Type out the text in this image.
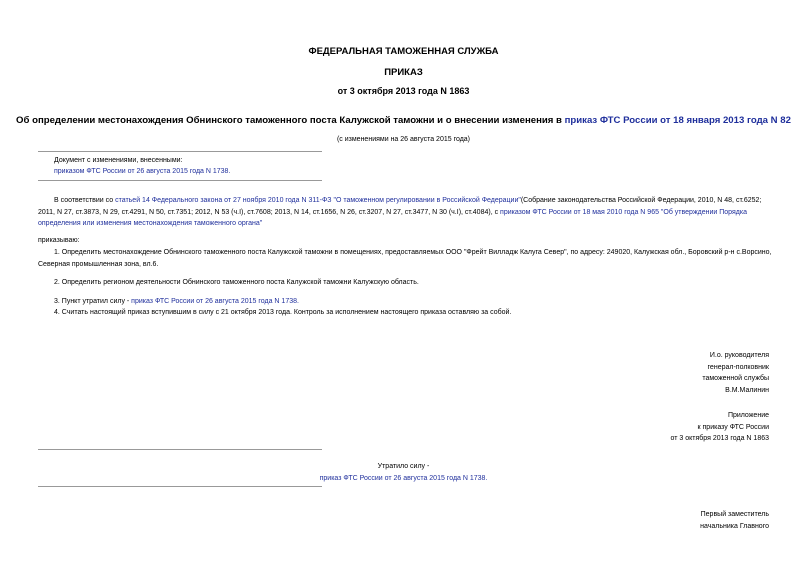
ФЕДЕРАЛЬНАЯ ТАМОЖЕННАЯ СЛУЖБА
ПРИКАЗ
от 3 октября 2013 года N 1863
Об определении местонахождения Обнинского таможенного поста Калужской таможни и о внесении изменения в приказ ФТС России от 18 января 2013 года N 82
(с изменениями на 26 августа 2015 года)
Документ с изменениями, внесенными:
приказом ФТС России от 26 августа 2015 года N 1738.
В соответствии со статьей 14 Федерального закона от 27 ноября 2010 года N 311-ФЗ "О таможенном регулировании в Российской Федерации"(Собрание законодательства Российской Федерации, 2010, N 48, ст.6252; 2011, N 27, ст.3873, N 29, ст.4291, N 50, ст.7351; 2012, N 53 (ч.I), ст.7608; 2013, N 14, ст.1656, N 26, ст.3207, N 27, ст.3477, N 30 (ч.I), ст.4084), с приказом ФТС России от 18 мая 2010 года N 965 "Об утверждении Порядка определения или изменения местонахождения таможенного органа"
приказываю:
1. Определить местонахождение Обнинского таможенного поста Калужской таможни в помещениях, предоставляемых ООО "Фрейт Вилладж Калуга Север", по адресу: 249020, Калужская обл., Боровский р-н с.Ворсино, Северная промышленная зона, вл.6.
2. Определить регионом деятельности Обнинского таможенного поста Калужской таможни Калужскую область.
3. Пункт утратил силу - приказ ФТС России от 26 августа 2015 года N 1738.
4. Считать настоящий приказ вступившим в силу с 21 октября 2013 года. Контроль за исполнением настоящего приказа оставляю за собой.
И.о. руководителя
генерал-полковник
таможенной службы
В.М.Малинин
Приложение
к приказу ФТС России
от 3 октября 2013 года N 1863
Утратило силу -
приказ ФТС России от 26 августа 2015 года N 1738.
Первый заместитель
начальника Главного
